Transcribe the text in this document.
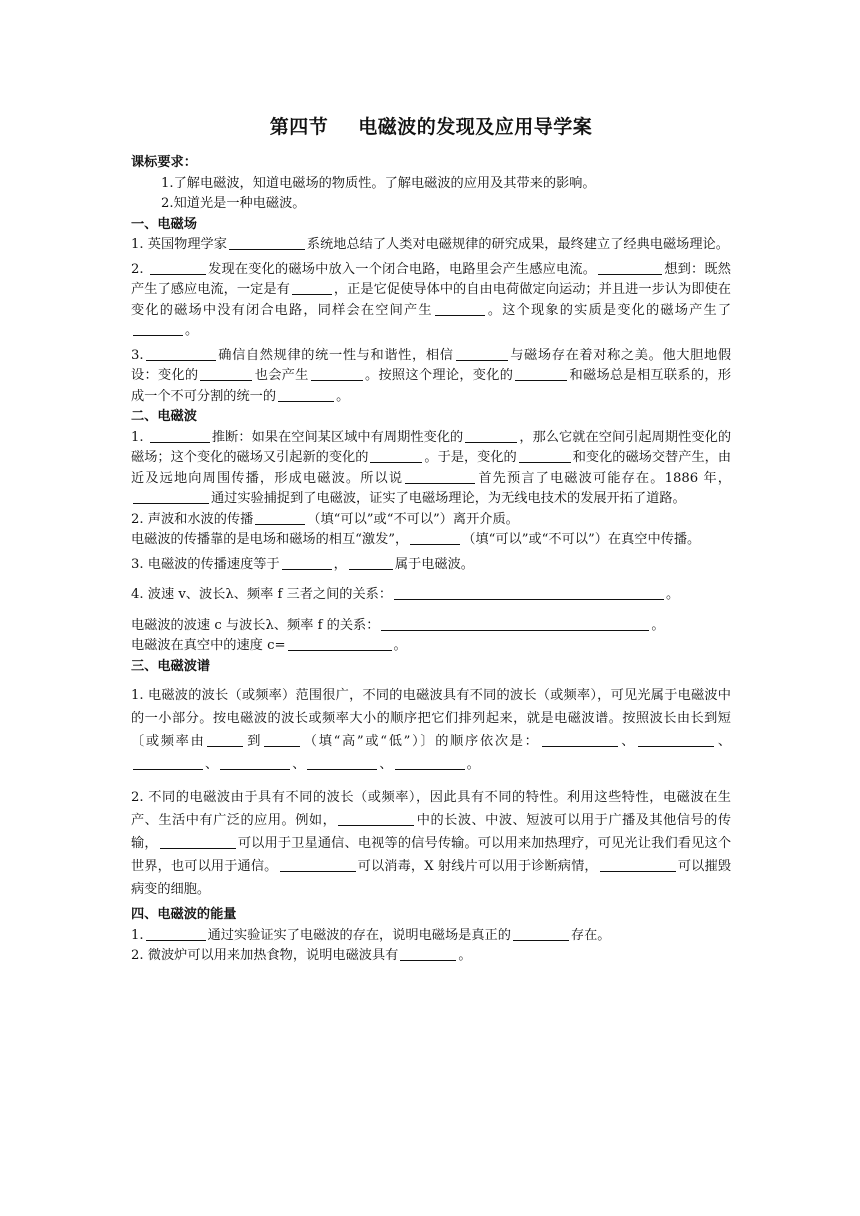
第四节 电磁波的发现及应用导学案

课标要求：

1.了解电磁波，知道电磁场的物质性。了解电磁波的应用及其带来的影响。

2.知道光是一种电磁波。

一、电磁场

1. 英国物理学家	系统地总结了人类对电磁规律的研究成果，最终建立了经典电磁场理论。

2.	发现在变化的磁场中放入一个闭合电路，电路里会产生感应电流。	想到：既然产生了感应电流，一定是有	，正是它促使导体中的自由电荷做定向运动；并且进一步认为即使在变化的磁场中没有闭合电路，同样会在空间产生	。这个现象的实质是变化的磁场产生了。

3.	确信自然规律的统一性与和谐性，相信	与磁场存在着对称之美。他大胆地假设：变化的	也会产生	。按照这个理论，变化的	和磁场总是相互联系的，形成一个不可分割的统一的	。

二、电磁波

1.	推断：如果在空间某区域中有周期性变化的	，那么它就在空间引起周期性变化的磁场；这个变化的磁场又引起新的变化的	。于是，变化的	和变化的磁场交替产生，由近及远地向周围传播，形成电磁波。所以说	首先预言了电磁波可能存在。1886 年，通过实验捕捉到了电磁波，证实了电磁场理论，为无线电技术的发展开拓了道路。

2. 声波和水波的传播	（填“可以”或“不可以”）离开介质。

电磁波的传播靠的是电场和磁场的相互“激发”，	（填“可以”或“不可以”）在真空中传播。

3. 电磁波的传播速度等于	，	属于电磁波。

4. 波速 v、波长λ、频率 f 三者之间的关系：	。

电磁波的波速 c 与波长λ、频率 f 的关系：	。

电磁波在真空中的速度 c=	。

三、电磁波谱

1. 电磁波的波长（或频率）范围很广，不同的电磁波具有不同的波长（或频率），可见光属于电磁波中的一小部分。按电磁波的波长或频率大小的顺序把它们排列起来，就是电磁波谱。按照波长由长到短〔或频率由	到	（填“高”或“低”）〕的顺序依次是：	、	、、	、	、	。

2. 不同的电磁波由于具有不同的波长（或频率），因此具有不同的特性。利用这些特性，电磁波在生产、生活中有广泛的应用。例如，	中的长波、中波、短波可以用于广播及其他信号的传输，	可以用于卫星通信、电视等的信号传输。可以用来加热理疗，可见光让我们看见这个世界，也可以用于通信。	可以消毒，X 射线片可以用于诊断病情，	可以摧毁病变的细胞。

四、电磁波的能量

1.	通过实验证实了电磁波的存在，说明电磁场是真正的	存在。

2. 微波炉可以用来加热食物，说明电磁波具有	。
